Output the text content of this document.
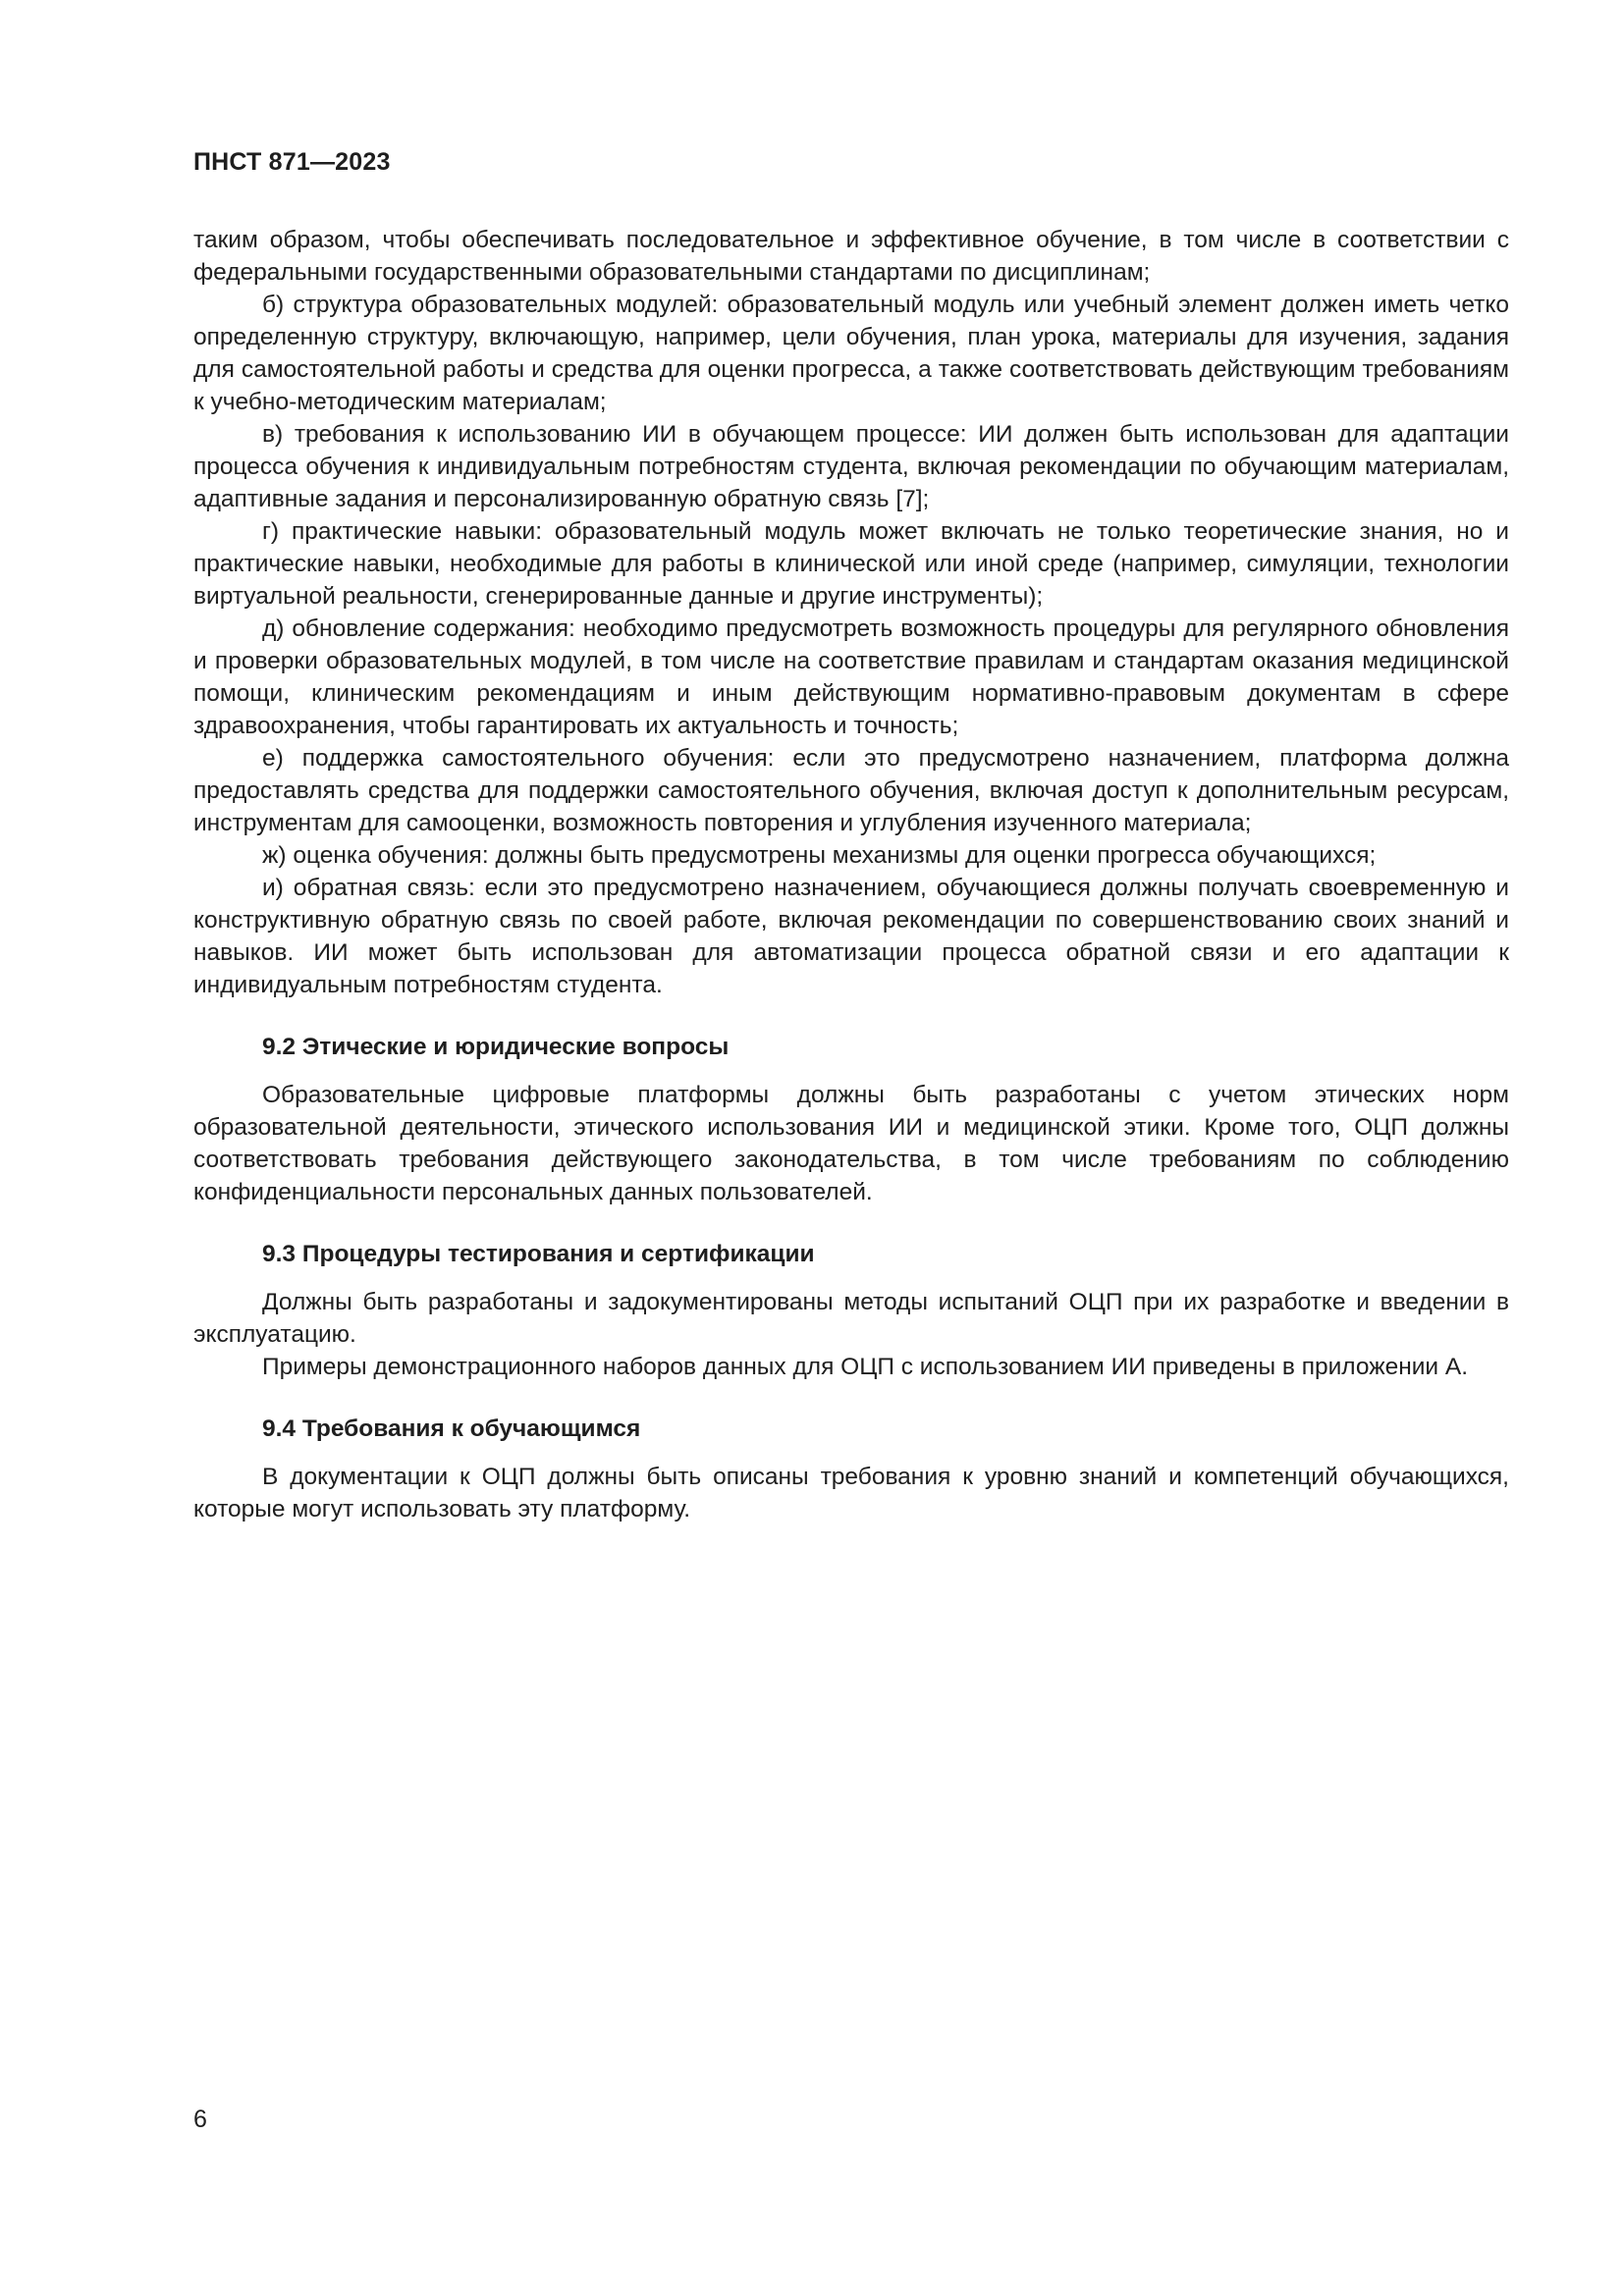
ПНСТ 871—2023

таким образом, чтобы обеспечивать последовательное и эффективное обучение, в том числе в соответствии с федеральными государственными образовательными стандартами по дисциплинам;

б) структура образовательных модулей: образовательный модуль или учебный элемент должен иметь четко определенную структуру, включающую, например, цели обучения, план урока, материалы для изучения, задания для самостоятельной работы и средства для оценки прогресса, а также соответствовать действующим требованиям к учебно-методическим материалам;

в) требования к использованию ИИ в обучающем процессе: ИИ должен быть использован для адаптации процесса обучения к индивидуальным потребностям студента, включая рекомендации по обучающим материалам, адаптивные задания и персонализированную обратную связь [7];

г) практические навыки: образовательный модуль может включать не только теоретические знания, но и практические навыки, необходимые для работы в клинической или иной среде (например, симуляции, технологии виртуальной реальности, сгенерированные данные и другие инструменты);

д) обновление содержания: необходимо предусмотреть возможность процедуры для регулярного обновления и проверки образовательных модулей, в том числе на соответствие правилам и стандартам оказания медицинской помощи, клиническим рекомендациям и иным действующим нормативно-правовым документам в сфере здравоохранения, чтобы гарантировать их актуальность и точность;

е) поддержка самостоятельного обучения: если это предусмотрено назначением, платформа должна предоставлять средства для поддержки самостоятельного обучения, включая доступ к дополнительным ресурсам, инструментам для самооценки, возможность повторения и углубления изученного материала;

ж) оценка обучения: должны быть предусмотрены механизмы для оценки прогресса обучающихся;

и) обратная связь: если это предусмотрено назначением, обучающиеся должны получать своевременную и конструктивную обратную связь по своей работе, включая рекомендации по совершенствованию своих знаний и навыков. ИИ может быть использован для автоматизации процесса обратной связи и его адаптации к индивидуальным потребностям студента.

9.2 Этические и юридические вопросы

Образовательные цифровые платформы должны быть разработаны с учетом этических норм образовательной деятельности, этического использования ИИ и медицинской этики. Кроме того, ОЦП должны соответствовать требования действующего законодательства, в том числе требованиям по соблюдению конфиденциальности персональных данных пользователей.

9.3 Процедуры тестирования и сертификации

Должны быть разработаны и задокументированы методы испытаний ОЦП при их разработке и введении в эксплуатацию.

Примеры демонстрационного наборов данных для ОЦП с использованием ИИ приведены в приложении А.

9.4 Требования к обучающимся

В документации к ОЦП должны быть описаны требования к уровню знаний и компетенций обучающихся, которые могут использовать эту платформу.

6
